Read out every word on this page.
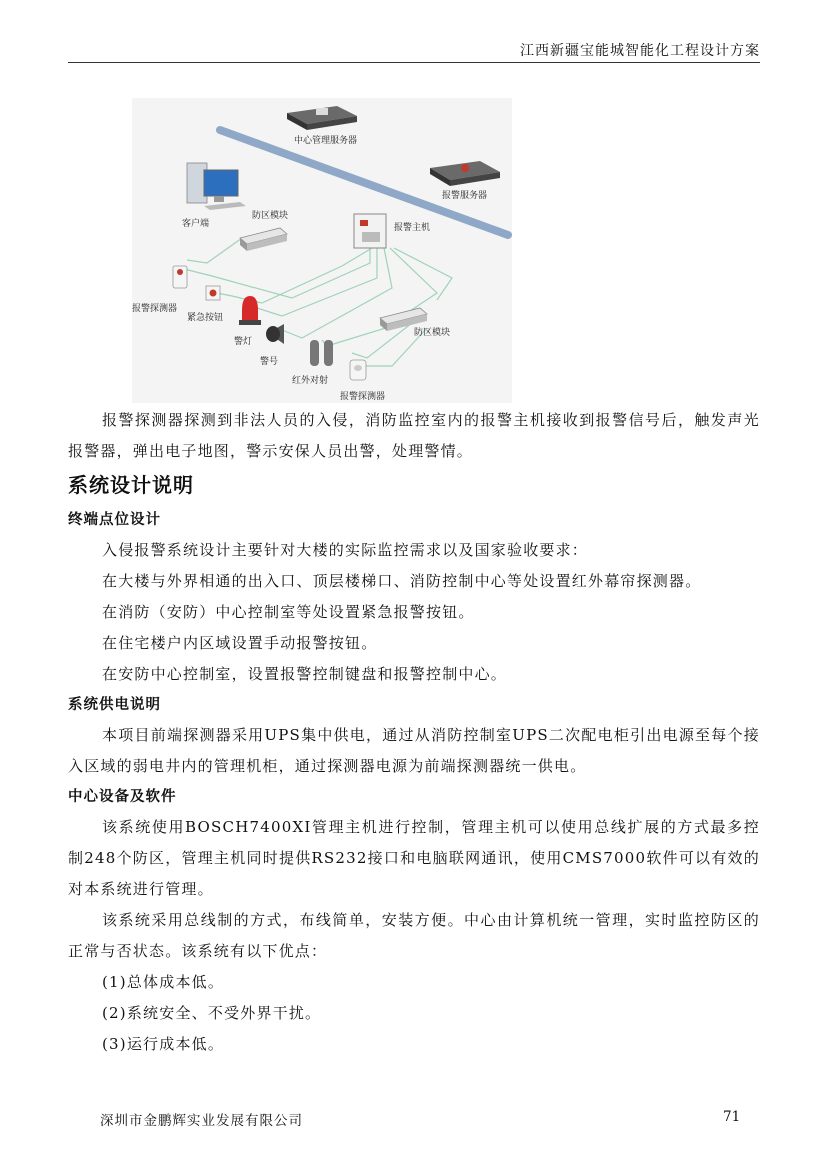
江西新疆宝能城智能化工程设计方案
中心管理服务器
报警服务器
客户端
防区模块
报警主机
报警探测器
紧急按钮
警灯
警号
红外对射
防区模块
报警探测器

报警探测器探测到非法人员的入侵，消防监控室内的报警主机接收到报警信号后，触发声光报警器，弹出电子地图，警示安保人员出警，处理警情。

系统设计说明
终端点位设计

入侵报警系统设计主要针对大楼的实际监控需求以及国家验收要求：

在大楼与外界相通的出入口、顶层楼梯口、消防控制中心等处设置红外幕帘探测器。

在消防（安防）中心控制室等处设置紧急报警按钮。

在住宅楼户内区域设置手动报警按钮。

在安防中心控制室，设置报警控制键盘和报警控制中心。

系统供电说明

本项目前端探测器采用UPS集中供电，通过从消防控制室UPS二次配电柜引出电源至每个接入区域的弱电井内的管理机柜，通过探测器电源为前端探测器统一供电。

中心设备及软件

该系统使用BOSCH7400XI管理主机进行控制，管理主机可以使用总线扩展的方式最多控制248个防区，管理主机同时提供RS232接口和电脑联网通讯，使用CMS7000软件可以有效的对本系统进行管理。

该系统采用总线制的方式，布线简单，安装方便。中心由计算机统一管理，实时监控防区的正常与否状态。该系统有以下优点：

(1)总体成本低。

(2)系统安全、不受外界干扰。

(3)运行成本低。

深圳市金鹏辉实业发展有限公司	71
